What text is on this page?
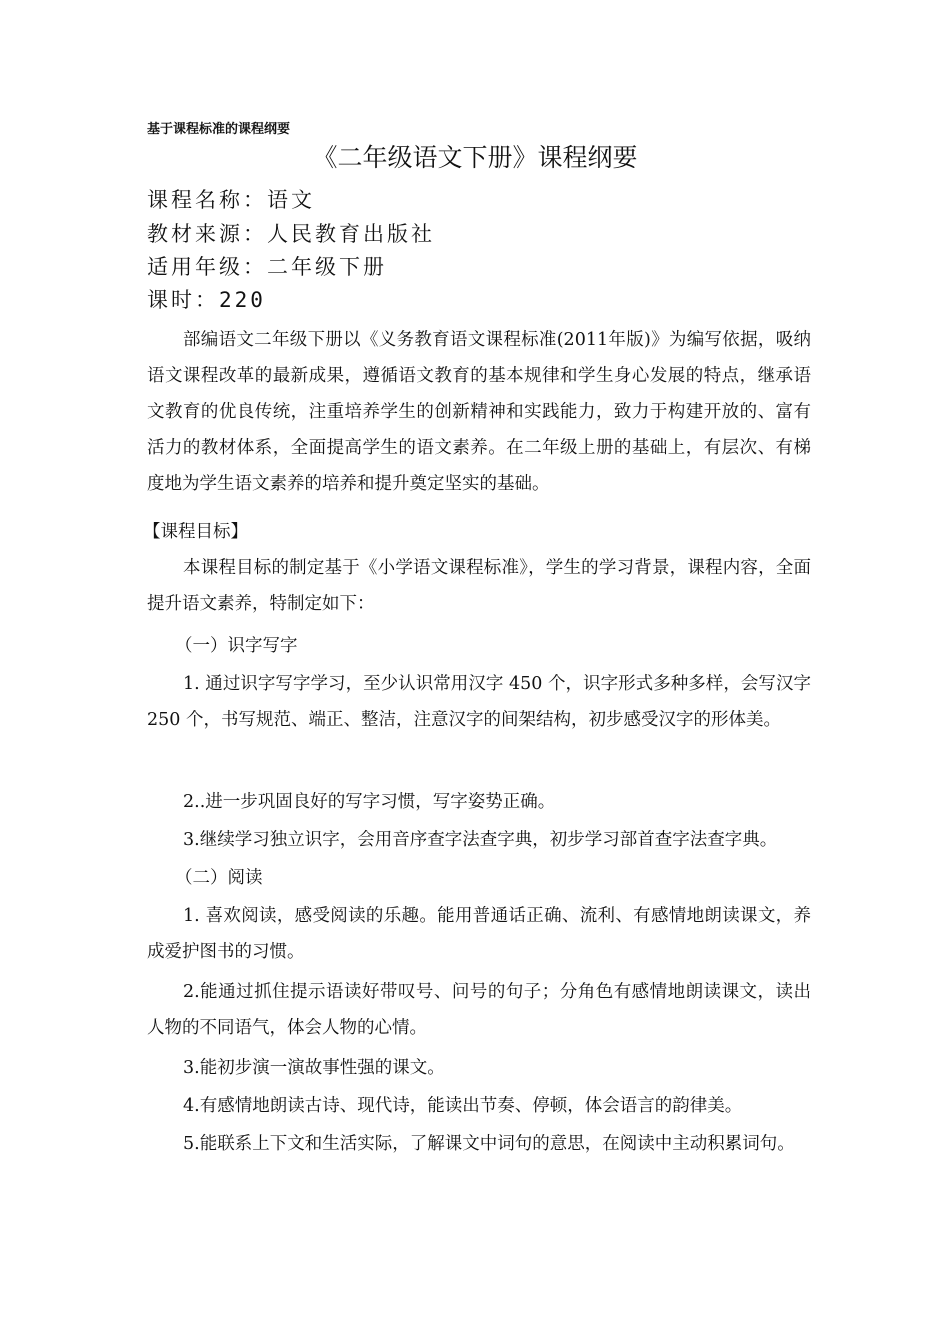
基于课程标准的课程纲要
《二年级语文下册》课程纲要
课程名称：语文
教材来源：人民教育出版社
适用年级：二年级下册
课时：220

部编语文二年级下册以《义务教育语文课程标准(2011年版)》为编写依据，吸纳语文课程改革的最新成果，遵循语文教育的基本规律和学生身心发展的特点，继承语文教育的优良传统，注重培养学生的创新精神和实践能力，致力于构建开放的、富有活力的教材体系，全面提高学生的语文素养。在二年级上册的基础上，有层次、有梯度地为学生语文素养的培养和提升奠定坚实的基础。

【课程目标】

本课程目标的制定基于《小学语文课程标准》，学生的学习背景，课程内容，全面提升语文素养，特制定如下：

（一）识字写字

1. 通过识字写字学习，至少认识常用汉字 450 个，识字形式多种多样，会写汉字 250 个，书写规范、端正、整洁，注意汉字的间架结构，初步感受汉字的形体美。

2..进一步巩固良好的写字习惯，写字姿势正确。

3.继续学习独立识字，会用音序查字法查字典，初步学习部首查字法查字典。

（二）阅读

1. 喜欢阅读，感受阅读的乐趣。能用普通话正确、流利、有感情地朗读课文，养成爱护图书的习惯。

2.能通过抓住提示语读好带叹号、问号的句子；分角色有感情地朗读课文，读出人物的不同语气，体会人物的心情。

3.能初步演一演故事性强的课文。

4.有感情地朗读古诗、现代诗，能读出节奏、停顿，体会语言的韵律美。

5.能联系上下文和生活实际，了解课文中词句的意思，在阅读中主动积累词句。
